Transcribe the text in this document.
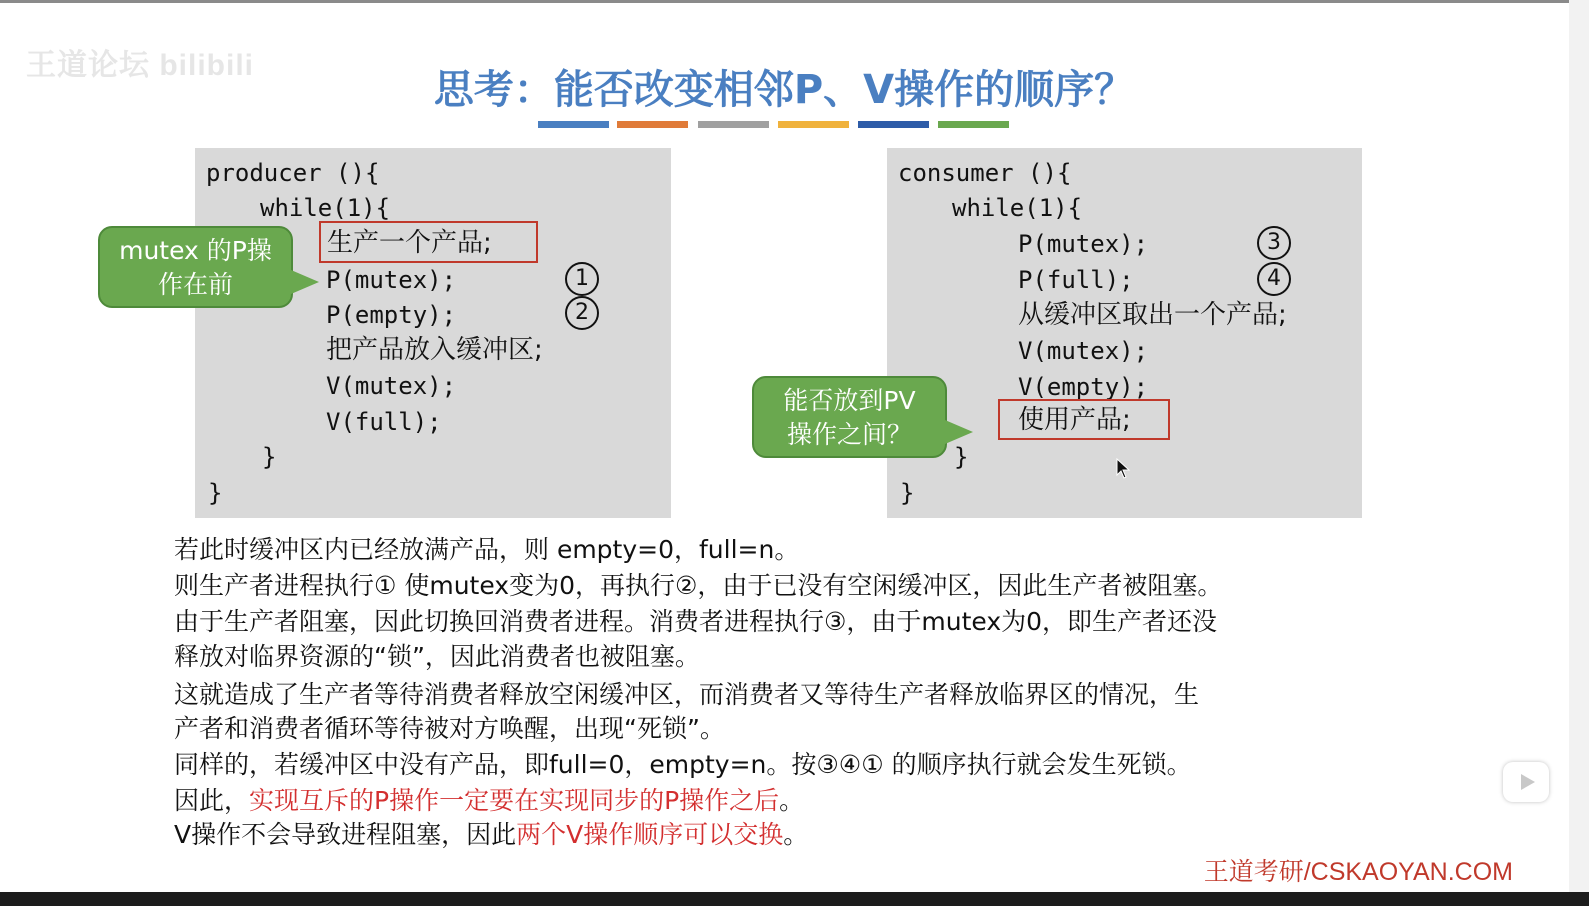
王道论坛 bilibili
思考：能否改变相邻P、V操作的顺序？
producer (){
while(1){
生产一个产品;
P(mutex);
P(empty);
把产品放入缓冲区;
V(mutex);
V(full);
}
}
1
2
mutex 的P操
作在前
consumer (){
while(1){
P(mutex);
P(full);
从缓冲区取出一个产品;
V(mutex);
V(empty);
使用产品;
}
}
3
4
能否放到PV
操作之间？
若此时缓冲区内已经放满产品，则 empty=0，full=n。
则生产者进程执行① 使mutex变为0，再执行②，由于已没有空闲缓冲区，因此生产者被阻塞。
由于生产者阻塞，因此切换回消费者进程。消费者进程执行③，由于mutex为0，即生产者还没
释放对临界资源的“锁”，因此消费者也被阻塞。
这就造成了生产者等待消费者释放空闲缓冲区，而消费者又等待生产者释放临界区的情况，生
产者和消费者循环等待被对方唤醒，出现“死锁”。
同样的，若缓冲区中没有产品，即full=0，empty=n。按③④① 的顺序执行就会发生死锁。
因此，实现互斥的P操作一定要在实现同步的P操作之后。
V操作不会导致进程阻塞，因此两个V操作顺序可以交换。
王道考研/CSKAOYAN.COM
